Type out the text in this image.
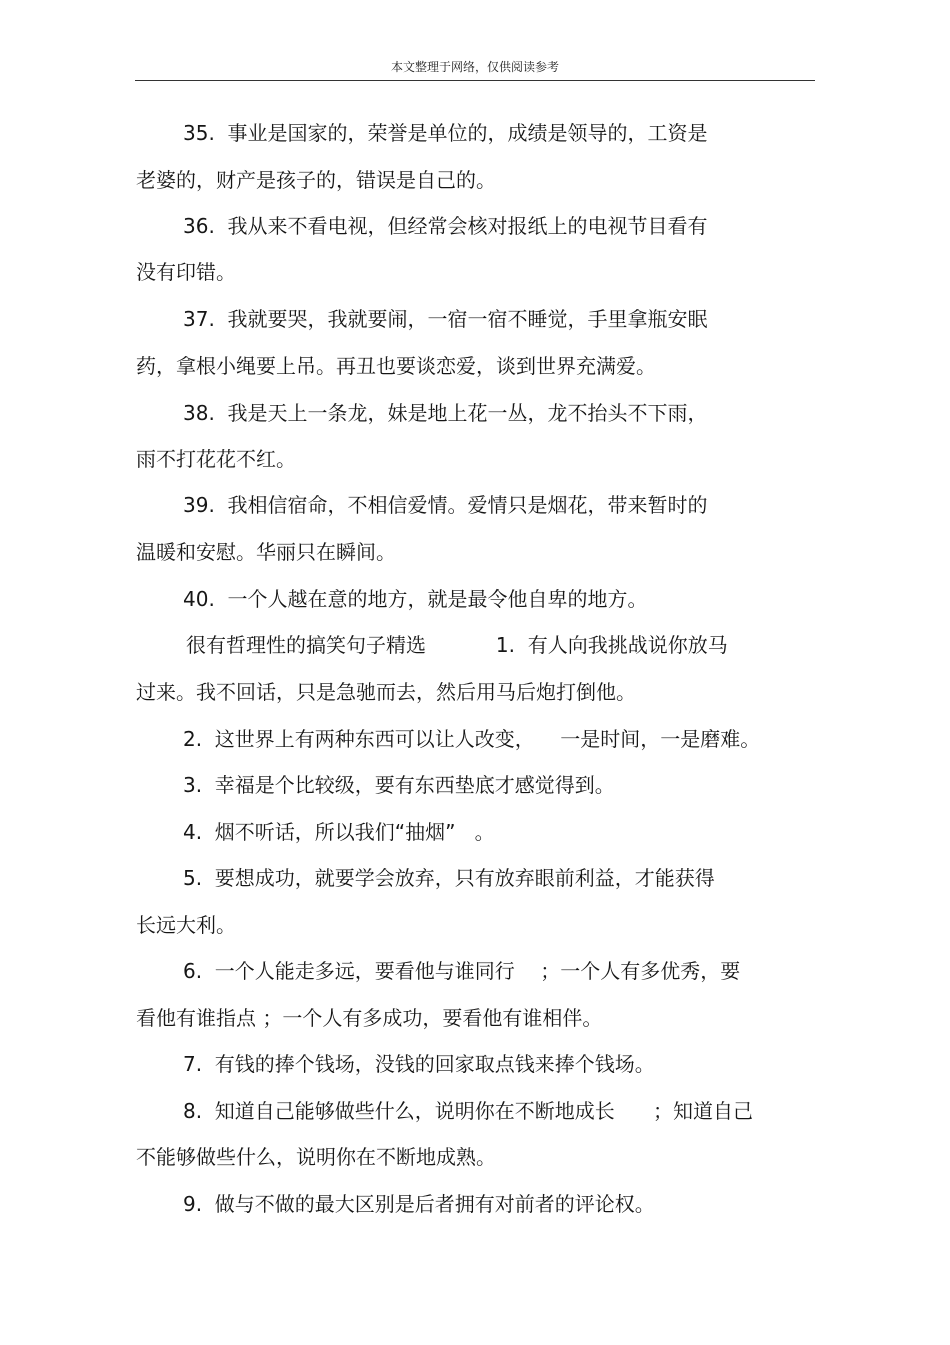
本文整理于网络，仅供阅读参考
35.  事业是国家的，荣誉是单位的，成绩是领导的，工资是
老婆的，财产是孩子的，错误是自己的。
36.  我从来不看电视，但经常会核对报纸上的电视节目看有
没有印错。
37.  我就要哭，我就要闹，一宿一宿不睡觉，手里拿瓶安眠
药，拿根小绳要上吊。再丑也要谈恋爱，谈到世界充满爱。
38.  我是天上一条龙，妹是地上花一丛，龙不抬头不下雨，
雨不打花花不红。
39.  我相信宿命，不相信爱情。爱情只是烟花，带来暂时的
温暖和安慰。华丽只在瞬间。
40.  一个人越在意的地方，就是最令他自卑的地方。
很有哲理性的搞笑句子精选           1.  有人向我挑战说你放马
过来。我不回话，只是急驰而去，然后用马后炮打倒他。
2.  这世界上有两种东西可以让人改变，    一是时间，一是磨难。
3.  幸福是个比较级，要有东西垫底才感觉得到。
4.  烟不听话，所以我们“抽烟”   。
5.  要想成功，就要学会放弃，只有放弃眼前利益，才能获得
长远大利。
6.  一个人能走多远，要看他与谁同行    ；一个人有多优秀，要
看他有谁指点 ；一个人有多成功，要看他有谁相伴。
7.  有钱的捧个钱场，没钱的回家取点钱来捧个钱场。
8.  知道自己能够做些什么，说明你在不断地成长      ；知道自己
不能够做些什么，说明你在不断地成熟。
9.  做与不做的最大区别是后者拥有对前者的评论权。
